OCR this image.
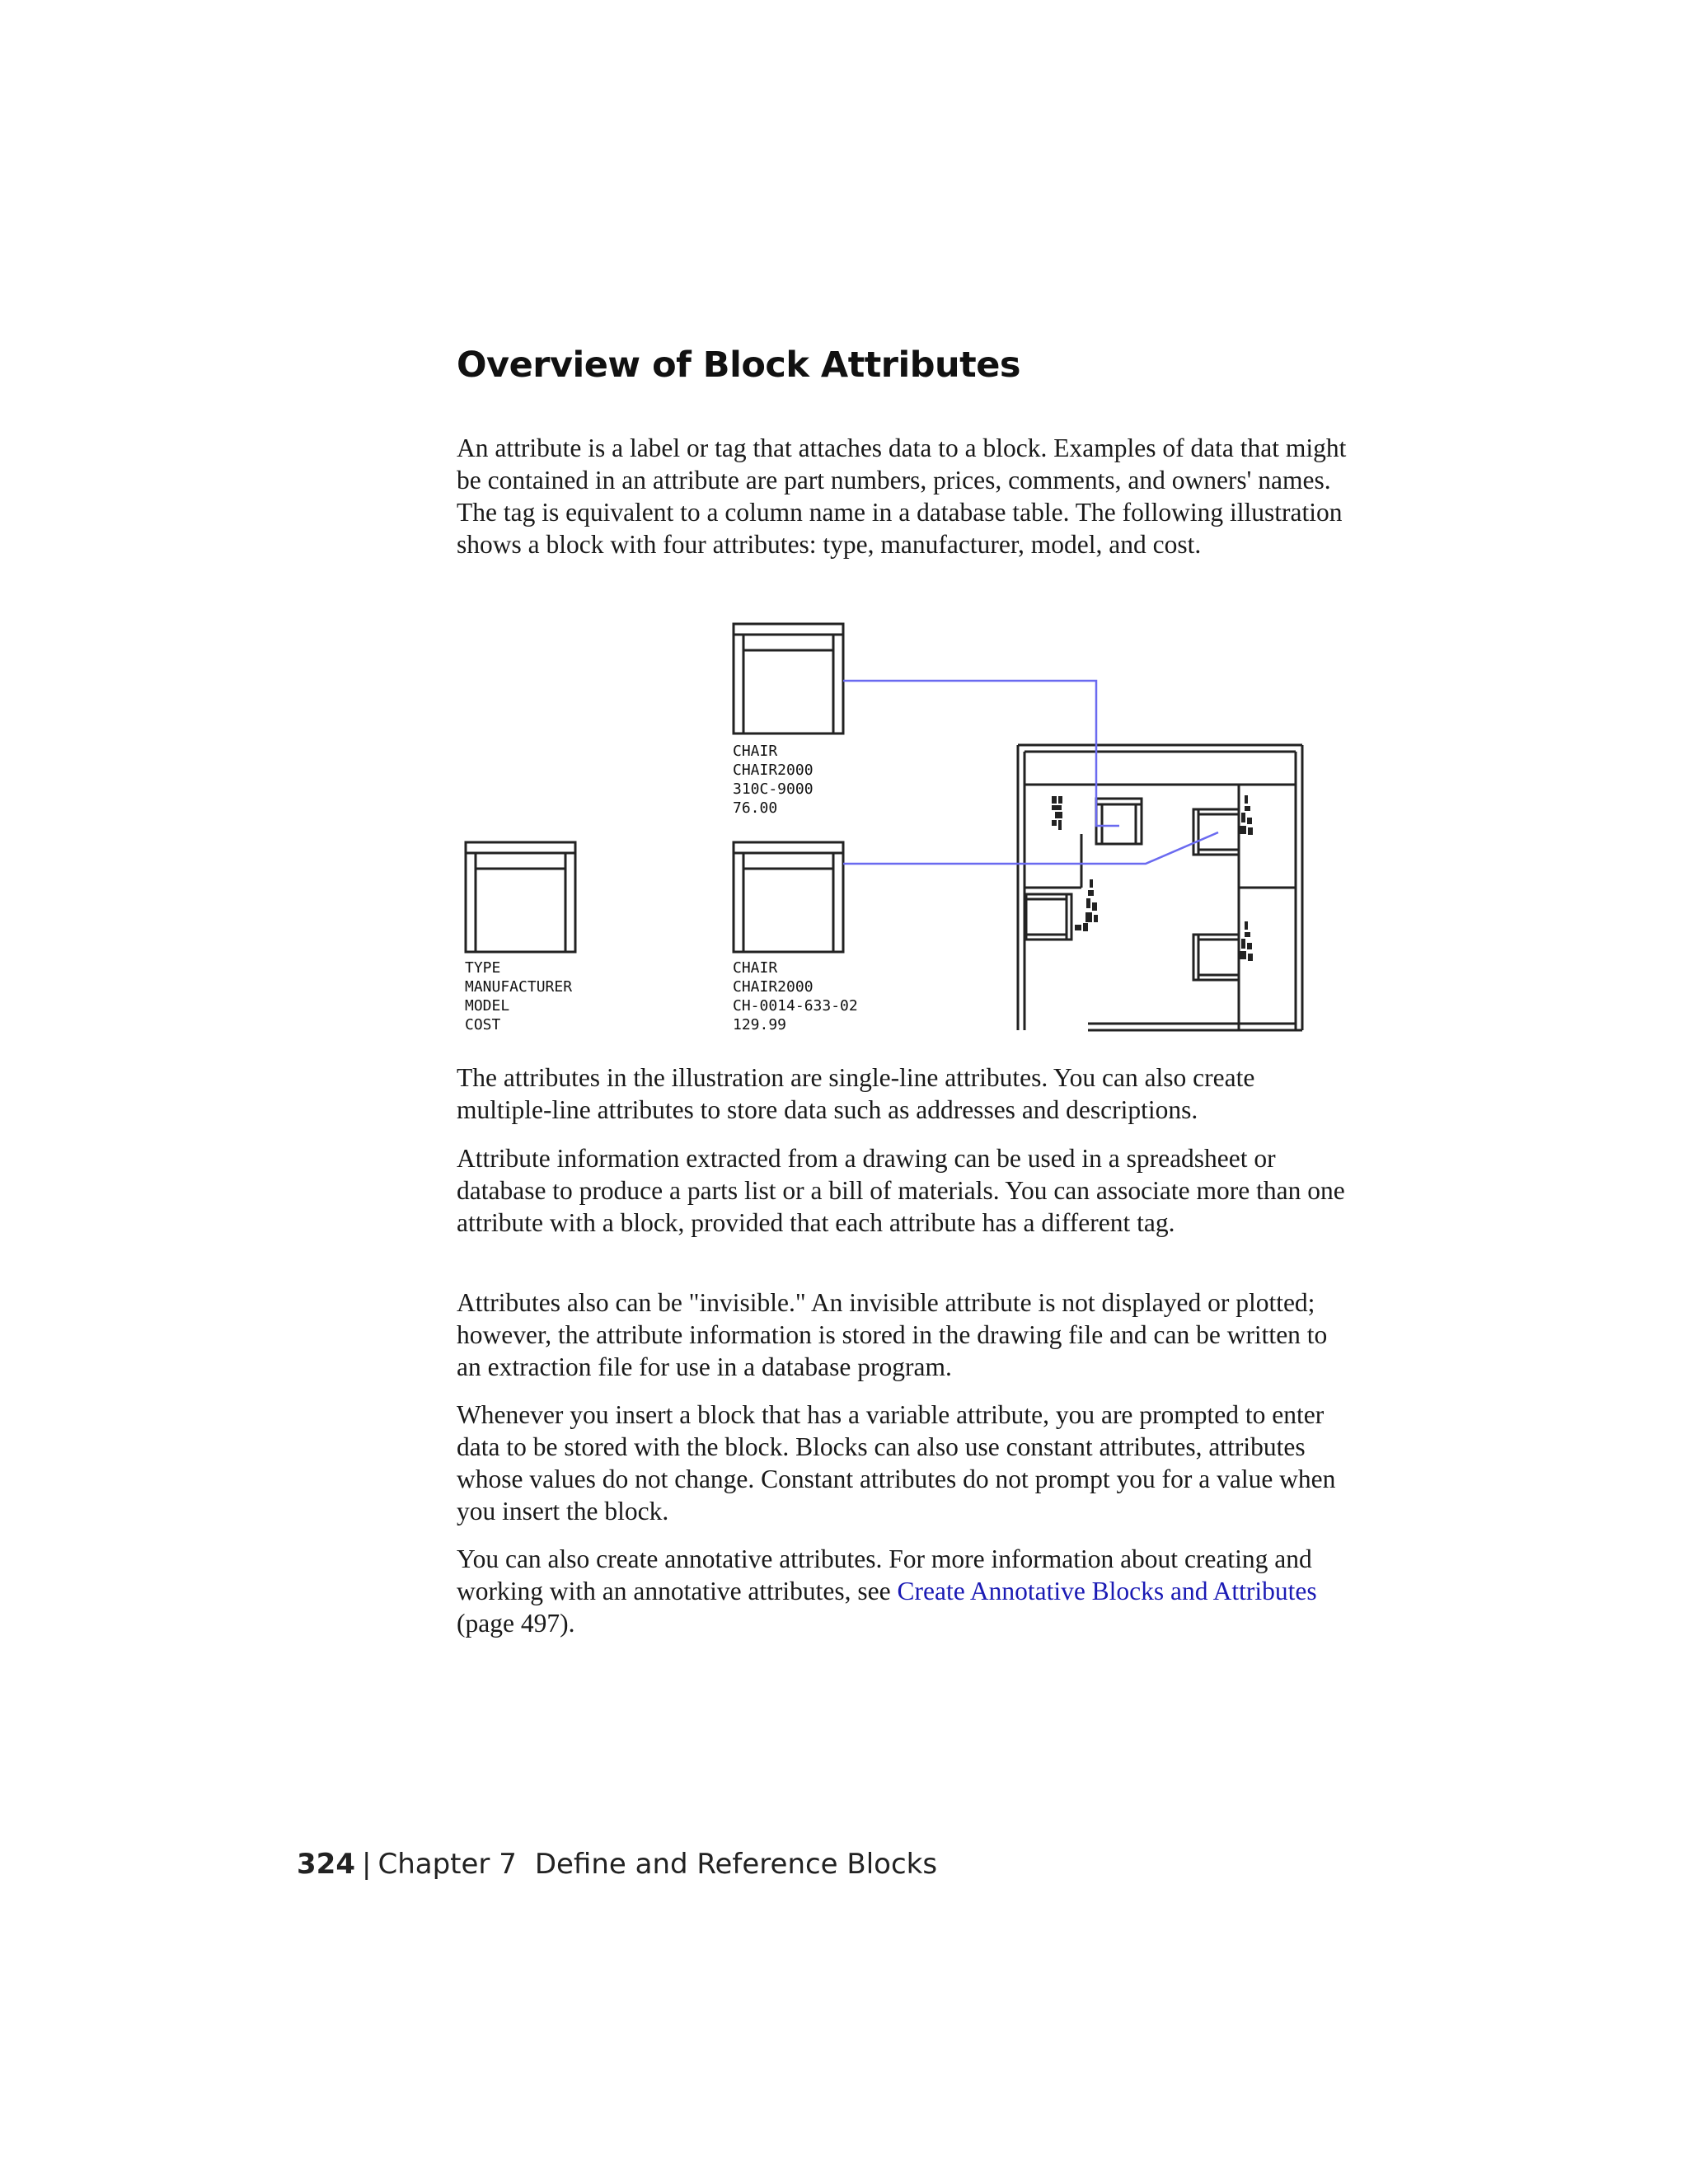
Overview of Block Attributes

An attribute is a label or tag that attaches data to a block. Examples of data that might be contained in an attribute are part numbers, prices, comments, and owners' names. The tag is equivalent to a column name in a database table. The following illustration shows a block with four attributes: type, manufacturer, model, and cost.

TYPE
MANUFACTURER
MODEL
COST
CHAIR
CHAIR2000
310C-9000
76.00
CHAIR
CHAIR2000
CH-0014-633-02
129.99

The attributes in the illustration are single-line attributes. You can also create multiple-line attributes to store data such as addresses and descriptions.

Attribute information extracted from a drawing can be used in a spreadsheet or database to produce a parts list or a bill of materials. You can associate more than one attribute with a block, provided that each attribute has a different tag.

Attributes also can be "invisible." An invisible attribute is not displayed or plotted; however, the attribute information is stored in the drawing file and can be written to an extraction file for use in a database program.

Whenever you insert a block that has a variable attribute, you are prompted to enter data to be stored with the block. Blocks can also use constant attributes, attributes whose values do not change. Constant attributes do not prompt you for a value when you insert the block.

You can also create annotative attributes. For more information about creating and working with an annotative attributes, see Create Annotative Blocks and Attributes (page 497).

324 | Chapter 7 Define and Reference Blocks
